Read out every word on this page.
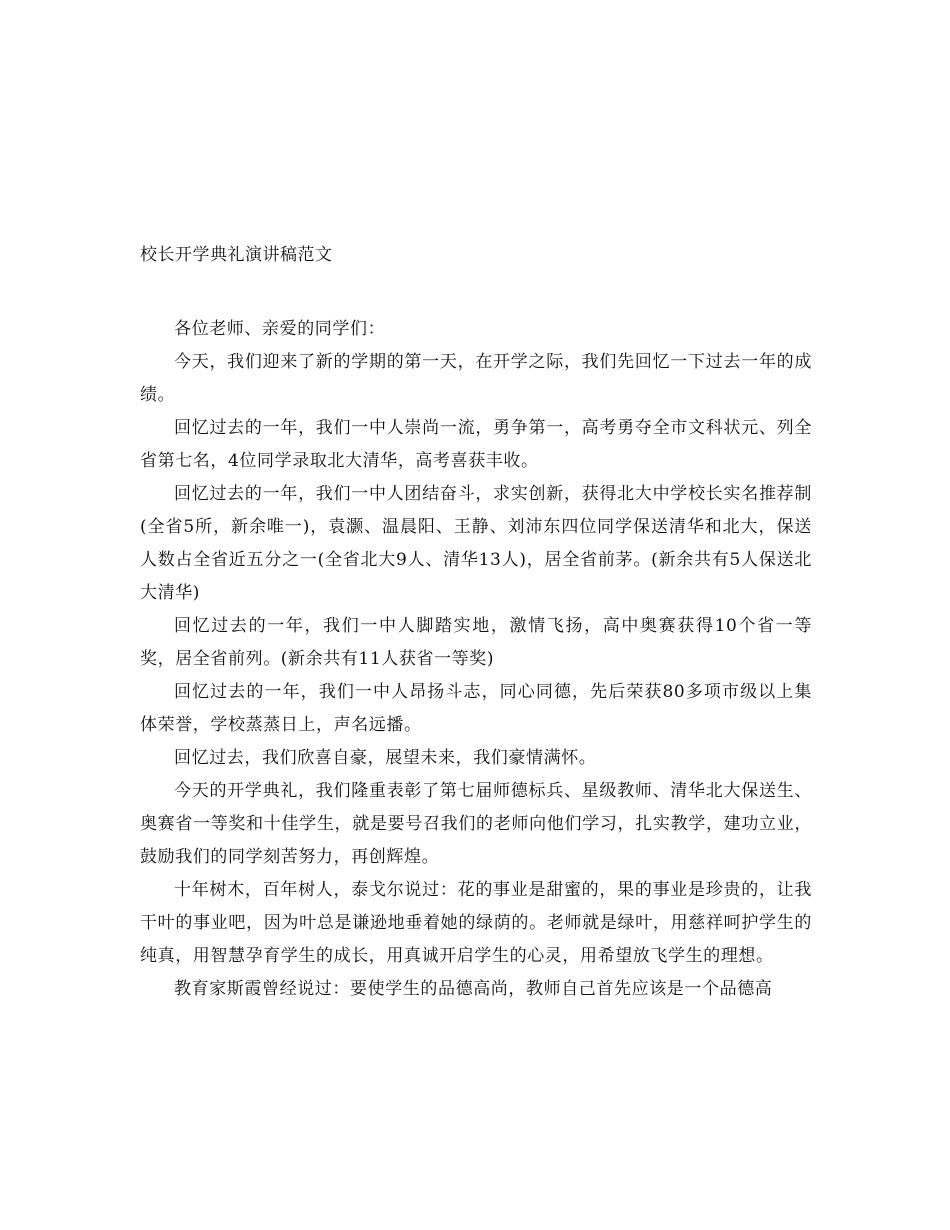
校长开学典礼演讲稿范文

各位老师、亲爱的同学们：

今天，我们迎来了新的学期的第一天，在开学之际，我们先回忆一下过去一年的成绩。

回忆过去的一年，我们一中人崇尚一流，勇争第一，高考勇夺全市文科状元、列全省第七名，4位同学录取北大清华，高考喜获丰收。

回忆过去的一年，我们一中人团结奋斗，求实创新，获得北大中学校长实名推荐制(全省5所，新余唯一)，袁灏、温晨阳、王静、刘沛东四位同学保送清华和北大，保送人数占全省近五分之一(全省北大9人、清华13人)，居全省前茅。(新余共有5人保送北大清华)

回忆过去的一年，我们一中人脚踏实地，激情飞扬，高中奥赛获得10个省一等奖，居全省前列。(新余共有11人获省一等奖)

回忆过去的一年，我们一中人昂扬斗志，同心同德，先后荣获80多项市级以上集体荣誉，学校蒸蒸日上，声名远播。

回忆过去，我们欣喜自豪，展望未来，我们豪情满怀。

今天的开学典礼，我们隆重表彰了第七届师德标兵、星级教师、清华北大保送生、奥赛省一等奖和十佳学生，就是要号召我们的老师向他们学习，扎实教学，建功立业，鼓励我们的同学刻苦努力，再创辉煌。

十年树木，百年树人，泰戈尔说过：花的事业是甜蜜的，果的事业是珍贵的，让我干叶的事业吧，因为叶总是谦逊地垂着她的绿荫的。老师就是绿叶，用慈祥呵护学生的纯真，用智慧孕育学生的成长，用真诚开启学生的心灵，用希望放飞学生的理想。

教育家斯霞曾经说过：要使学生的品德高尚，教师自己首先应该是一个品德高
